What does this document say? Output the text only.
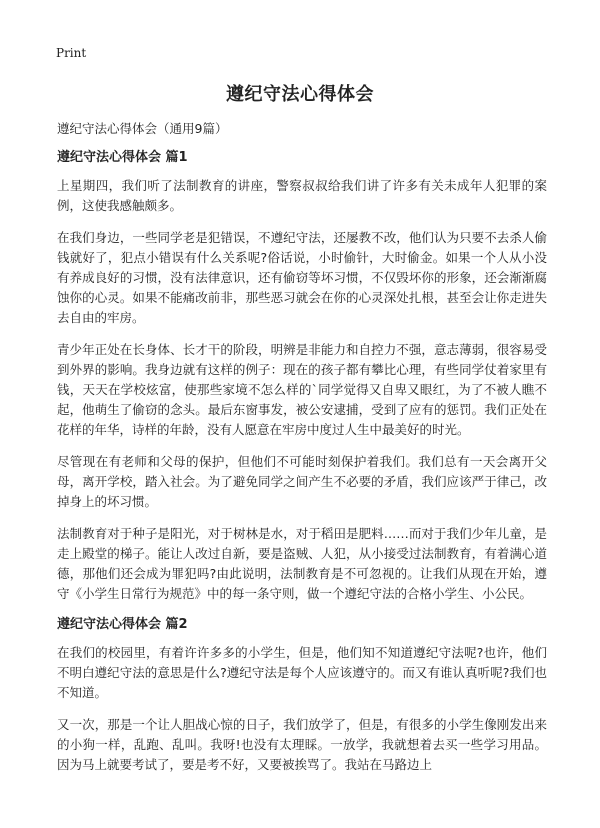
Print
遵纪守法心得体会

遵纪守法心得体会（通用9篇）

遵纪守法心得体会 篇1

上星期四，我们听了法制教育的讲座，警察叔叔给我们讲了许多有关未成年人犯罪的案例，这使我感触颇多。

在我们身边，一些同学老是犯错误，不遵纪守法，还屡教不改，他们认为只要不去杀人偷钱就好了，犯点小错误有什么关系呢?俗话说，小时偷针，大时偷金。如果一个人从小没有养成良好的习惯，没有法律意识，还有偷窃等坏习惯，不仅毁坏你的形象，还会渐渐腐蚀你的心灵。如果不能痛改前非，那些恶习就会在你的心灵深处扎根，甚至会让你走进失去自由的牢房。

青少年正处在长身体、长才干的阶段，明辨是非能力和自控力不强，意志薄弱，很容易受到外界的影响。我身边就有这样的例子：现在的孩子都有攀比心理，有些同学仗着家里有钱，天天在学校炫富，使那些家境不怎么样的`同学觉得又自卑又眼红，为了不被人瞧不起，他萌生了偷窃的念头。最后东窗事发，被公安逮捕，受到了应有的惩罚。我们正处在花样的年华，诗样的年龄，没有人愿意在牢房中度过人生中最美好的时光。

尽管现在有老师和父母的保护，但他们不可能时刻保护着我们。我们总有一天会离开父母，离开学校，踏入社会。为了避免同学之间产生不必要的矛盾，我们应该严于律己，改掉身上的坏习惯。

法制教育对于种子是阳光，对于树林是水，对于稻田是肥料……而对于我们少年儿童，是走上殿堂的梯子。能让人改过自新，要是盗贼、人犯，从小接受过法制教育，有着满心道德，那他们还会成为罪犯吗?由此说明，法制教育是不可忽视的。让我们从现在开始，遵守《小学生日常行为规范》中的每一条守则，做一个遵纪守法的合格小学生、小公民。

遵纪守法心得体会 篇2

在我们的校园里，有着许许多多的小学生，但是，他们知不知道遵纪守法呢?也许，他们不明白遵纪守法的意思是什么?遵纪守法是每个人应该遵守的。而又有谁认真听呢?我们也不知道。

又一次，那是一个让人胆战心惊的日子，我们放学了，但是，有很多的小学生像刚发出来的小狗一样，乱跑、乱叫。我呀!也没有太理睬。一放学，我就想着去买一些学习用品。因为马上就要考试了，要是考不好，又要被挨骂了。我站在马路边上
